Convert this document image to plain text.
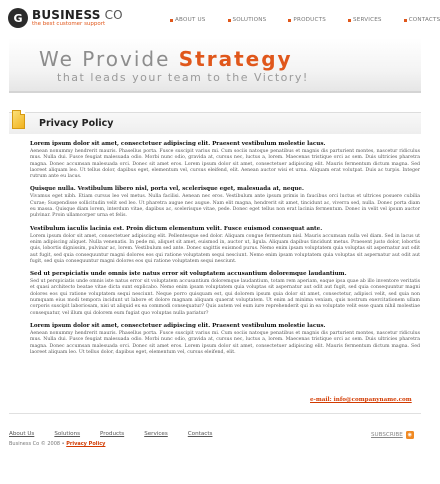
G BUSINESS CO
the best customer support
ABOUT US	SOLUTIONS	PRODUCTS	SERVICES	CONTACTS
We Provide Strategy
that leads your team to the Victory!
Privacy Policy
Lorem ipsum dolor sit amet, consectetuer adipiscing elit. Praesent vestibulum molestie lacus.

Aenean nonummy hendrerit mauris. Phasellus porta. Fusce suscipit varius mi. Cum sociis natoque penatibus et magnis dis parturient montes, nascetur ridiculus mus. Nulla dui. Fusce feugiat malesuada odio. Morbi nunc odio, gravida at, cursus nec, luctus a, lorem. Maecenas tristique orci ac sem. Duis ultricies pharetra magna. Donec accumsan malesuada orci. Donec sit amet eros. Lorem ipsum dolor sit amet, consectetuer adipiscing elit. Mauris fermentum dictum magna. Sed laoreet aliquam leo. Ut tellus dolor, dapibus eget, elementum vel, cursus eleifend, elit. Aenean auctor wisi et urna. Aliquam erat volutpat. Duis ac turpis. Integer rutrum ante eu lacus.

Quisque nulla. Vestibulum libero nisl, porta vel, scelerisque eget, malesuada at, neque.

Vivamus eget nibh. Etiam cursus leo vel metus. Nulla facilisi. Aenean nec eros. Vestibulum ante ipsum primis in faucibus orci luctus et ultrices posuere cubilia Curae; Suspendisse sollicitudin velit sed leo. Ut pharetra augue nec augue. Nam elit magna, hendrerit sit amet, tincidunt ac, viverra sed, nulla. Donec porta diam eu massa. Quisque diam lorem, interdum vitae, dapibus ac, scelerisque vitae, pede. Donec eget tellus non erat lacinia fermentum. Donec in velit vel ipsum auctor pulvinar. Proin ullamcorper urna et felis.

Vestibulum iaculis lacinia est. Proin dictum elementum velit. Fusce euismod consequat ante.

Lorem ipsum dolor sit amet, consectetuer adipiscing elit. Pellentesque sed dolor. Aliquam congue fermentum nisl. Mauris accumsan nulla vel diam. Sed in lacus ut enim adipiscing aliquet. Nulla venenatis. In pede mi, aliquet sit amet, euismod in, auctor ut, ligula. Aliquam dapibus tincidunt metus. Praesent justo dolor, lobortis quis, lobortis dignissim, pulvinar ac, lorem. Vestibulum sed ante. Donec sagittis euismod purus. Nemo enim ipsam voluptatem quia voluptas sit aspernatur aut odit aut fugit, sed quia consequuntur magni dolores eos qui ratione voluptatem sequi nesciunt. Nemo enim ipsam voluptatem quia voluptas sit aspernatur aut odit aut fugit, sed quia consequuntur magni dolores eos qui ratione voluptatem sequi nesciunt.

Sed ut perspiciatis unde omnis iste natus error sit voluptatem accusantium doloremque laudantium.

Sed ut perspiciatis unde omnis iste natus error sit voluptatem accusantium doloremque laudantium, totam rem aperiam, eaque ipsa quae ab illo inventore veritatis et quasi architecto beatae vitae dicta sunt explicabo. Nemo enim ipsam voluptatem quia voluptas sit aspernatur aut odit aut fugit, sed quia consequuntur magni dolores eos qui ratione voluptatem sequi nesciunt. Neque porro quisquam est, qui dolorem ipsum quia dolor sit amet, consectetur, adipisci velit, sed quia non numquam eius modi tempora incidunt ut labore et dolore magnam aliquam quaerat voluptatem. Ut enim ad minima veniam, quis nostrum exercitationem ullam corporis suscipit laboriosam, nisi ut aliquid ex ea commodi consequatur? Quis autem vel eum iure reprehenderit qui in ea voluptate velit esse quam nihil molestiae consequatur, vel illum qui dolorem eum fugiat quo voluptas nulla pariatur?

Lorem ipsum dolor sit amet, consectetuer adipiscing elit. Praesent vestibulum molestie lacus.

Aenean nonummy hendrerit mauris. Phasellus porta. Fusce suscipit varius mi. Cum sociis natoque penatibus et magnis dis parturient montes, nascetur ridiculus mus. Nulla dui. Fusce feugiat malesuada odio. Morbi nunc odio, gravida at, cursus nec, luctus a, lorem. Maecenas tristique orci ac sem. Duis ultricies pharetra magna. Donec accumsan malesuada orci. Donec sit amet eros. Lorem ipsum dolor sit amet, consectetuer adipiscing elit. Mauris fermentum dictum magna. Sed laoreet aliquam leo. Ut tellus dolor, dapibus eget, elementum vel, cursus eleifend, elit.

e-mail: info@companyname.com
About Us	Solutions	Products	Services	Contacts
Business Co © 2008 • Privacy Policy
SUBSCRIBE ◉
